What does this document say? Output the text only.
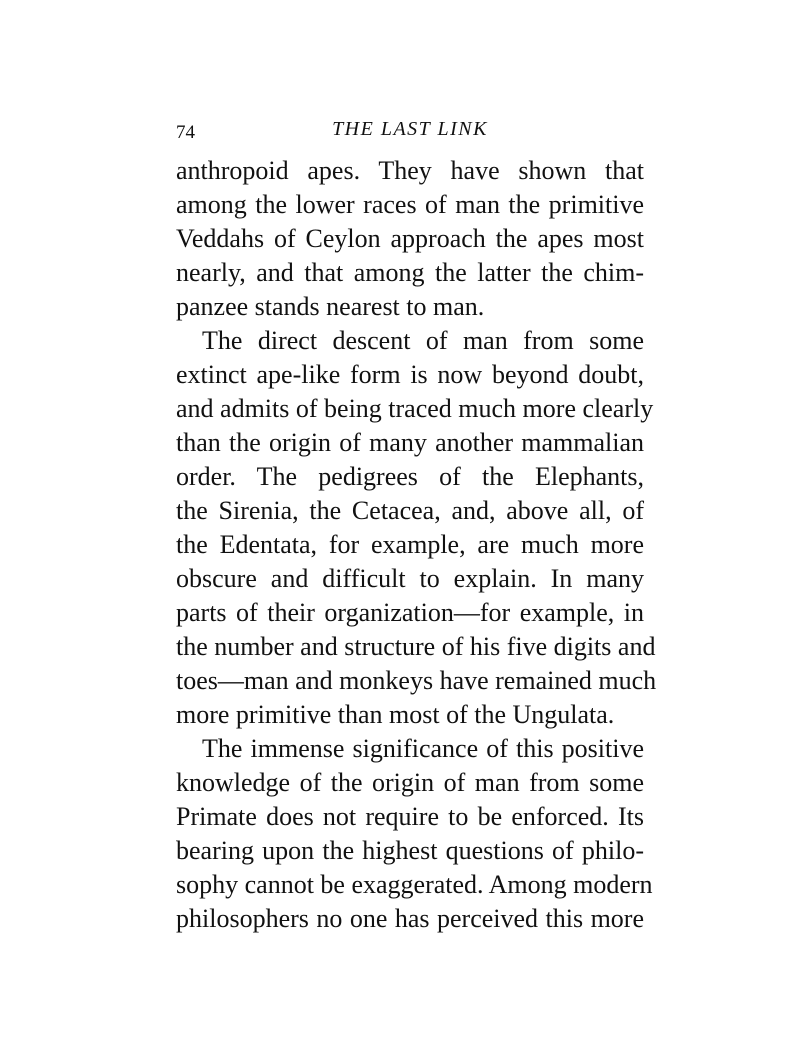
74	THE LAST LINK
anthropoid apes. They have shown that
among the lower races of man the primitive
Veddahs of Ceylon approach the apes most
nearly, and that among the latter the chim-
panzee stands nearest to man.
The direct descent of man from some
extinct ape-like form is now beyond doubt,
and admits of being traced much more clearly
than the origin of many another mammalian
order. The pedigrees of the Elephants,
the Sirenia, the Cetacea, and, above all, of
the Edentata, for example, are much more
obscure and difficult to explain. In many
parts of their organization—for example, in
the number and structure of his five digits and
toes—man and monkeys have remained much
more primitive than most of the Ungulata.
The immense significance of this positive
knowledge of the origin of man from some
Primate does not require to be enforced. Its
bearing upon the highest questions of philo-
sophy cannot be exaggerated. Among modern
philosophers no one has perceived this more
